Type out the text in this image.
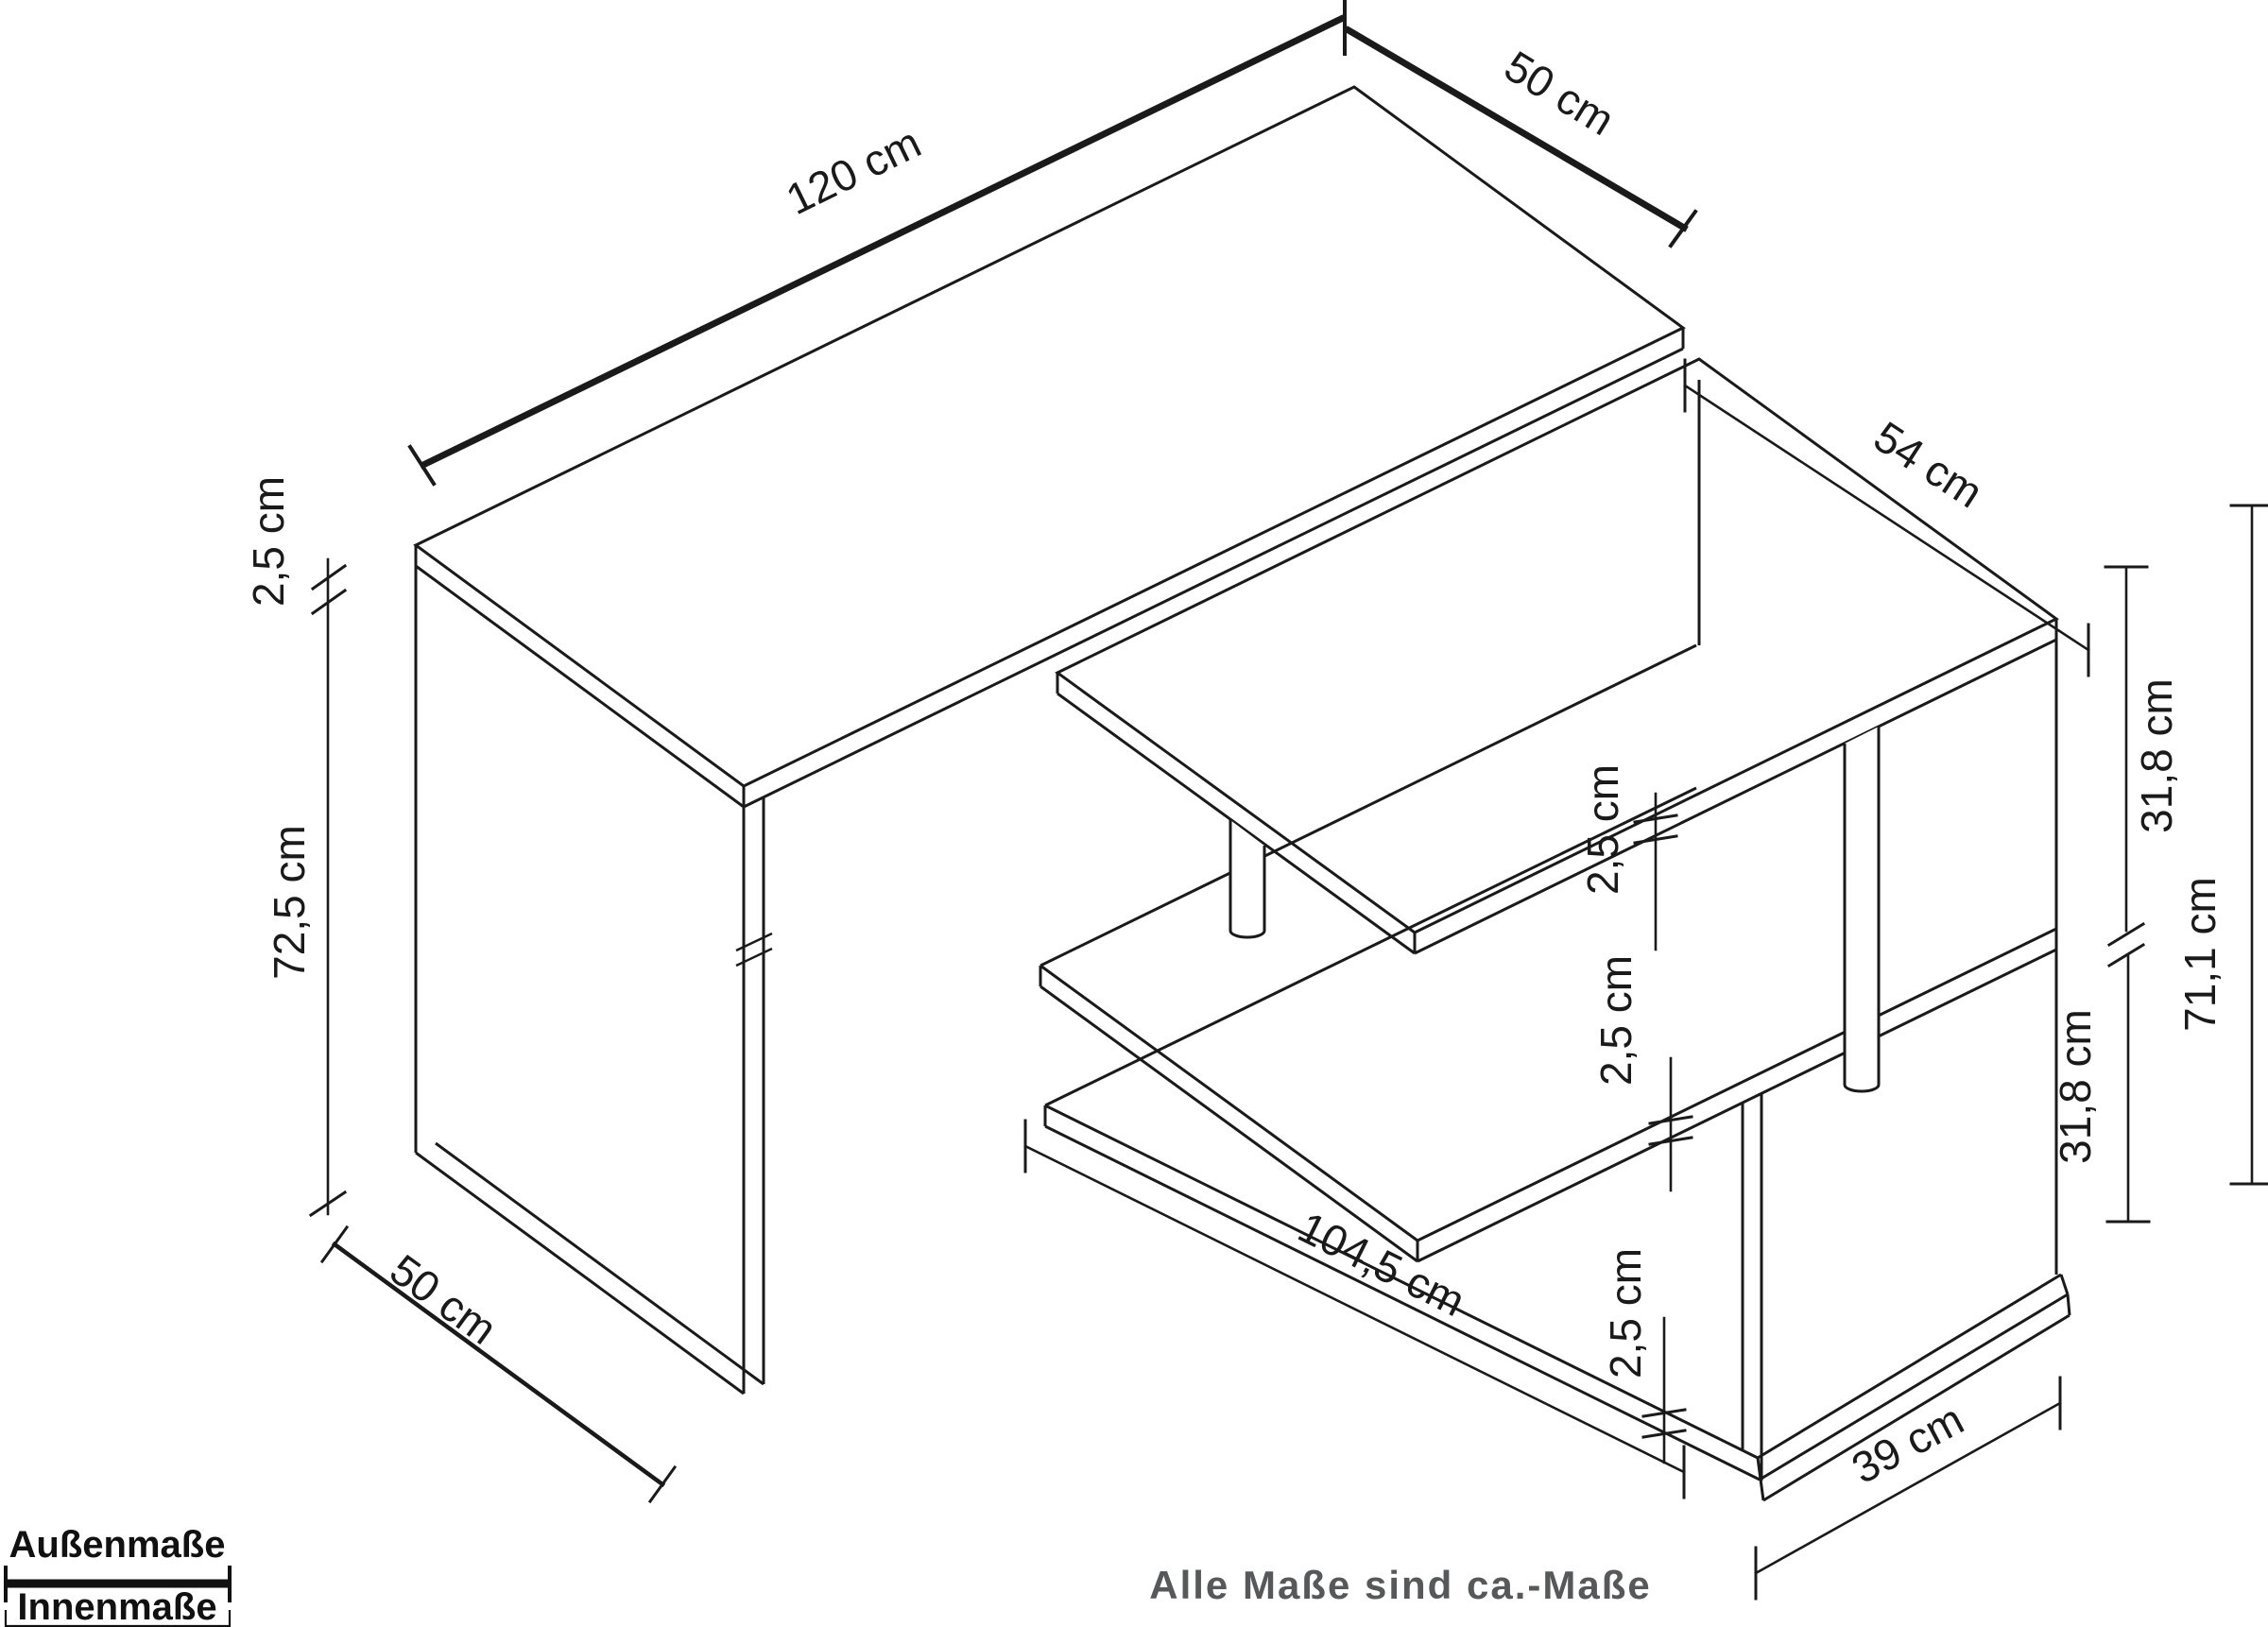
120 cm
50 cm
2,5 cm
72,5 cm
50 cm
54 cm
2,5 cm
2,5 cm
2,5 cm
31,8 cm
31,8 cm
71,1 cm
104,5 cm
39 cm
Außenmaße
Innenmaße	Alle Maße sind ca.-Maße
